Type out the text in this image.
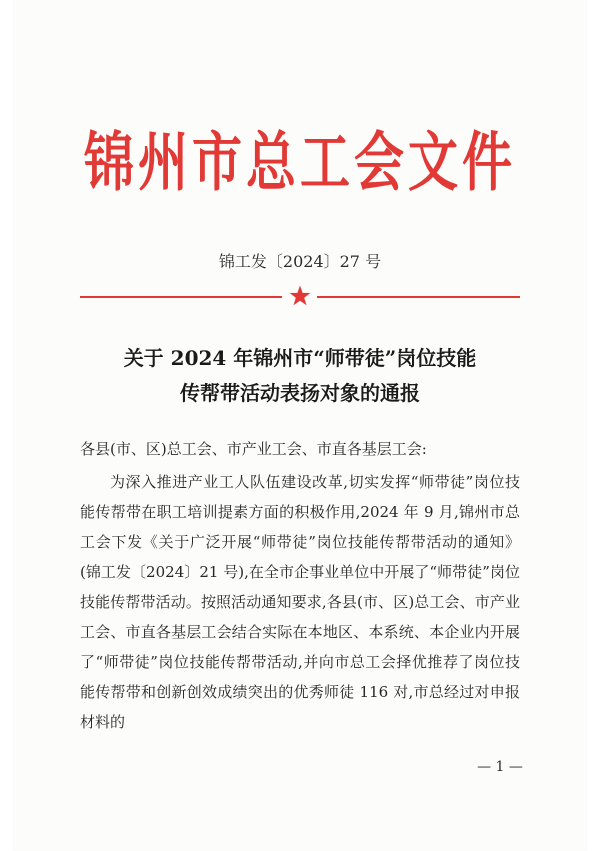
锦州市总工会文件
锦工发〔2024〕27 号
关于 2024 年锦州市“师带徒”岗位技能
传帮带活动表扬对象的通报
各县(市、区)总工会、市产业工会、市直各基层工会:
为深入推进产业工人队伍建设改革,切实发挥“师带徒”岗位技能传帮带在职工培训提素方面的积极作用,2024 年 9 月,锦州市总工会下发《关于广泛开展“师带徒”岗位技能传帮带活动的通知》(锦工发〔2024〕21 号),在全市企事业单位中开展了“师带徒”岗位技能传帮带活动。按照活动通知要求,各县(市、区)总工会、市产业工会、市直各基层工会结合实际在本地区、本系统、本企业内开展了“师带徒”岗位技能传帮带活动,并向市总工会择优推荐了岗位技能传帮带和创新创效成绩突出的优秀师徒 116 对,市总经过对申报材料的
— 1 —
